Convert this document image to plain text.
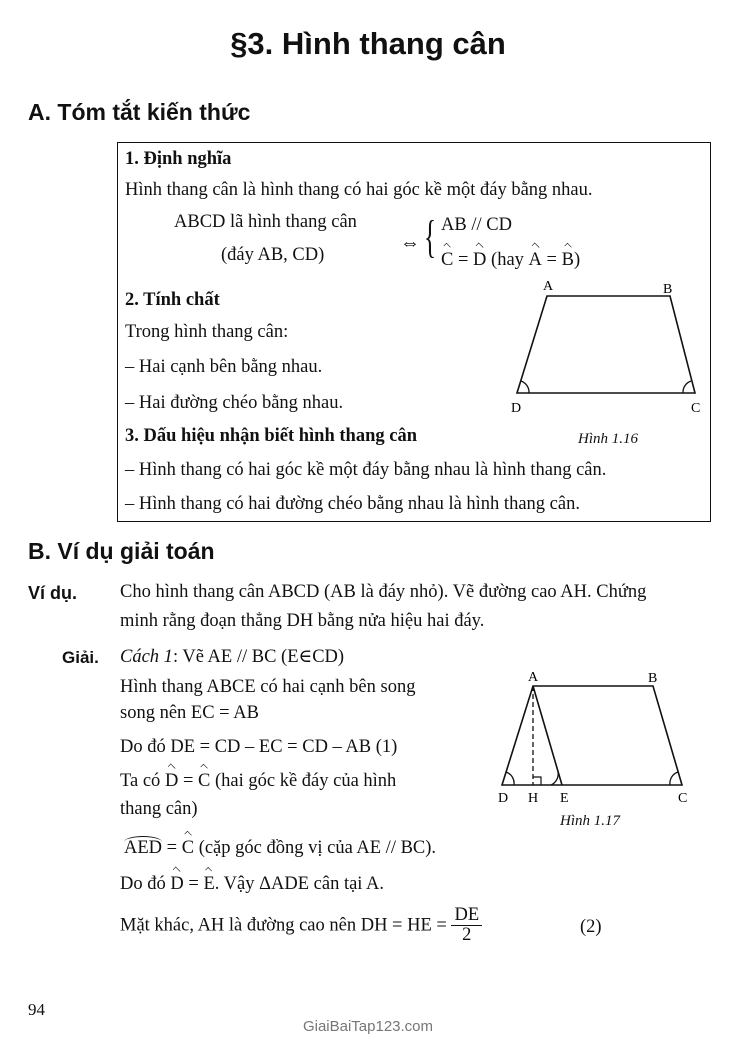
§3. Hình thang cân
A. Tóm tắt kiến thức
1. Định nghĩa
Hình thang cân là hình thang có hai góc kề một đáy bằng nhau.
ABCD lã hình thang cân
(đáy AB, CD)
⇔ { AB // CD
C = D (hay A = B)
2. Tính chất
Trong hình thang cân:
– Hai cạnh bên bằng nhau.
– Hai đường chéo bằng nhau.
3. Dấu hiệu nhận biết hình thang cân
– Hình thang có hai góc kề một đáy bằng nhau là hình thang cân.
– Hình thang có hai đường chéo bằng nhau là hình thang cân.
A	B
D	C
Hình 1.16
B. Ví dụ giải toán
Ví dụ. Cho hình thang cân ABCD (AB là đáy nhỏ). Vẽ đường cao AH. Chứng
minh rằng đoạn thẳng DH bằng nửa hiệu hai đáy.
Giải. Cách 1: Vẽ AE // BC (E∈CD)
Hình thang ABCE có hai cạnh bên song
song nên EC = AB
Do đó DE = CD – EC = CD – AB (1)
Ta có D = C (hai góc kề đáy của hình
thang cân)
AED = C (cặp góc đồng vị của AE // BC).
Do đó D = E. Vậy ΔADE cân tại A.
Mặt khác, AH là đường cao nên DH = HE = $\frac{DE}{2}$	(2)
A	B
D H E	C
Hình 1.17
94
GiaiBaiTap123.com
